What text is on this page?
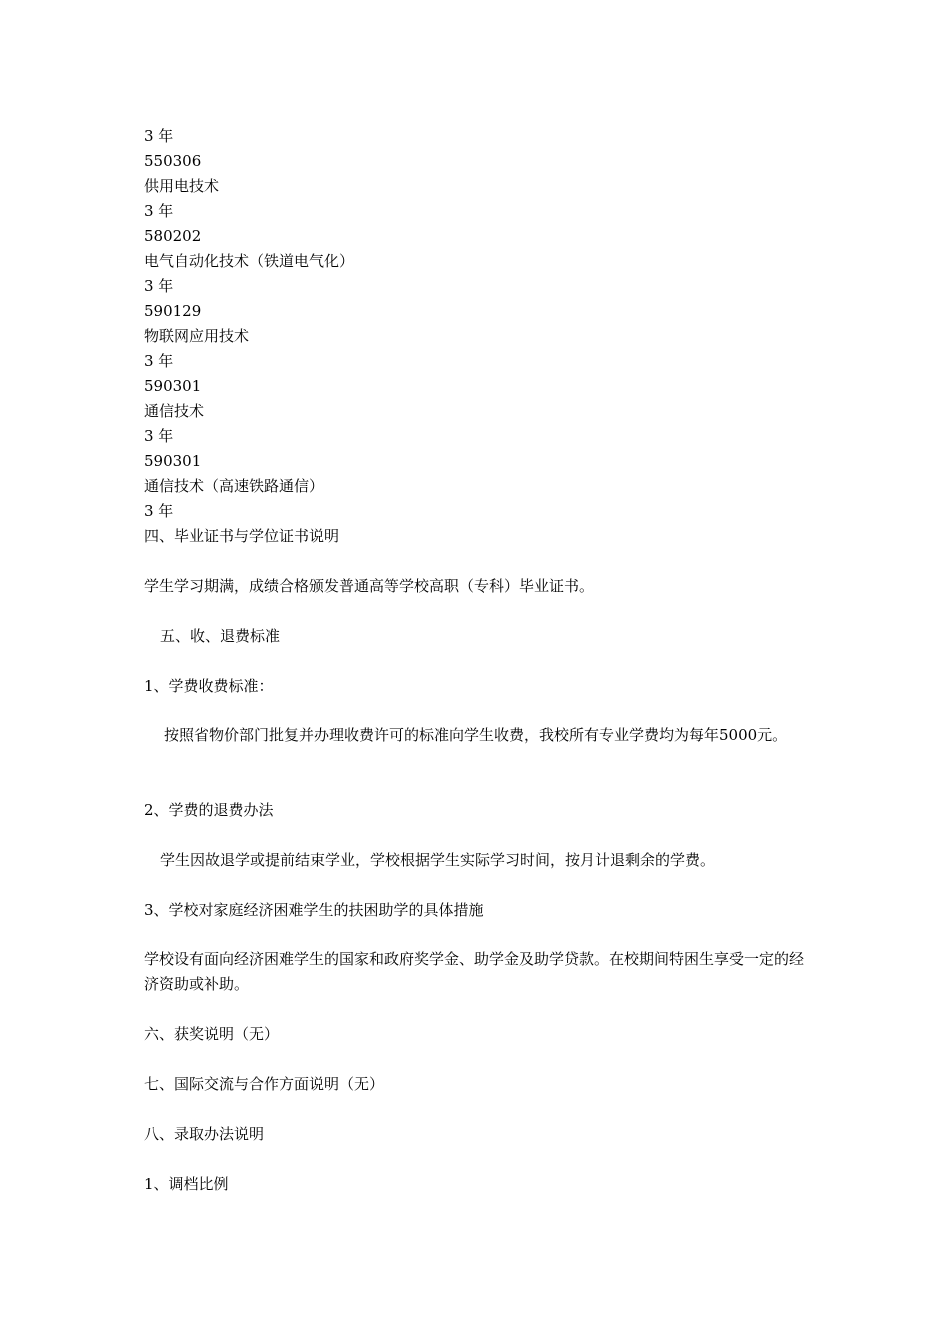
3 年

550306

供用电技术

3 年

580202

电气自动化技术（铁道电气化）

3 年

590129

物联网应用技术

3 年

590301

通信技术

3 年

590301

通信技术（高速铁路通信）

3 年

四、毕业证书与学位证书说明

学生学习期满，成绩合格颁发普通高等学校高职（专科）毕业证书。

五、收、退费标准

1、学费收费标准：

按照省物价部门批复并办理收费许可的标准向学生收费，我校所有专业学费均为每年5000元。

2、学费的退费办法

学生因故退学或提前结束学业，学校根据学生实际学习时间，按月计退剩余的学费。

3、学校对家庭经济困难学生的扶困助学的具体措施

学校设有面向经济困难学生的国家和政府奖学金、助学金及助学贷款。在校期间特困生享受一定的经济资助或补助。

六、获奖说明（无）

七、国际交流与合作方面说明（无）

八、录取办法说明

1、调档比例
